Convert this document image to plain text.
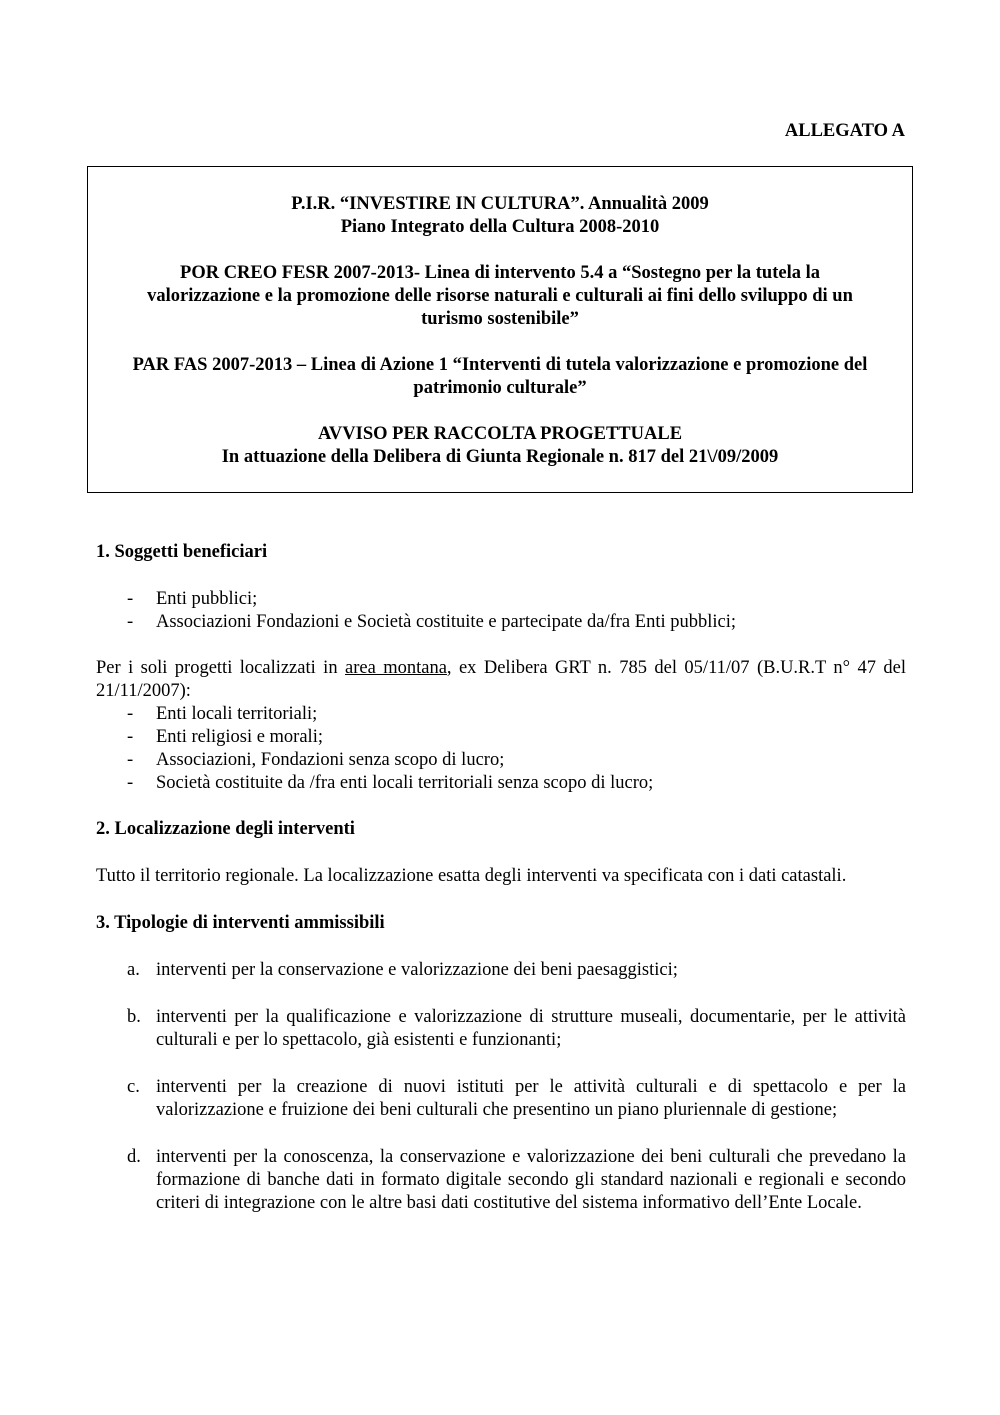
ALLEGATO A

P.I.R. “INVESTIRE IN CULTURA”. Annualità 2009
Piano Integrato della Cultura 2008-2010

POR CREO FESR 2007-2013- Linea di intervento 5.4 a “Sostegno per la tutela la
valorizzazione e la promozione delle risorse naturali e culturali ai fini dello sviluppo di un
turismo sostenibile”

PAR FAS 2007-2013 – Linea di Azione 1 “Interventi di tutela valorizzazione e promozione del
patrimonio culturale”

AVVISO PER RACCOLTA PROGETTUALE
In attuazione della Delibera di Giunta Regionale n. 817 del 21\/09/2009

1. Soggetti beneficiari
- Enti pubblici;
- Associazioni Fondazioni e Società costituite e partecipate da/fra Enti pubblici;

Per i soli progetti localizzati in area montana, ex Delibera GRT n. 785 del 05/11/07 (B.U.R.T n° 47 del 21/11/2007):

- Enti locali territoriali;
- Enti religiosi e morali;
- Associazioni, Fondazioni senza scopo di lucro;
- Società costituite da /fra enti locali territoriali senza scopo di lucro;
2. Localizzazione degli interventi

Tutto il territorio regionale. La localizzazione esatta degli interventi va specificata con i dati catastali.

3. Tipologie di interventi ammissibili
a. interventi per la conservazione e valorizzazione dei beni paesaggistici;
b. interventi per la qualificazione e valorizzazione di strutture museali, documentarie, per le attività culturali e per lo spettacolo, già esistenti e funzionanti;
c. interventi per la creazione di nuovi istituti per le attività culturali e di spettacolo e per la valorizzazione e fruizione dei beni culturali che presentino un piano pluriennale di gestione;
d. interventi per la conoscenza, la conservazione e valorizzazione dei beni culturali che prevedano la formazione di banche dati in formato digitale secondo gli standard nazionali e regionali e secondo criteri di integrazione con le altre basi dati costitutive del sistema informativo dell’Ente Locale.
